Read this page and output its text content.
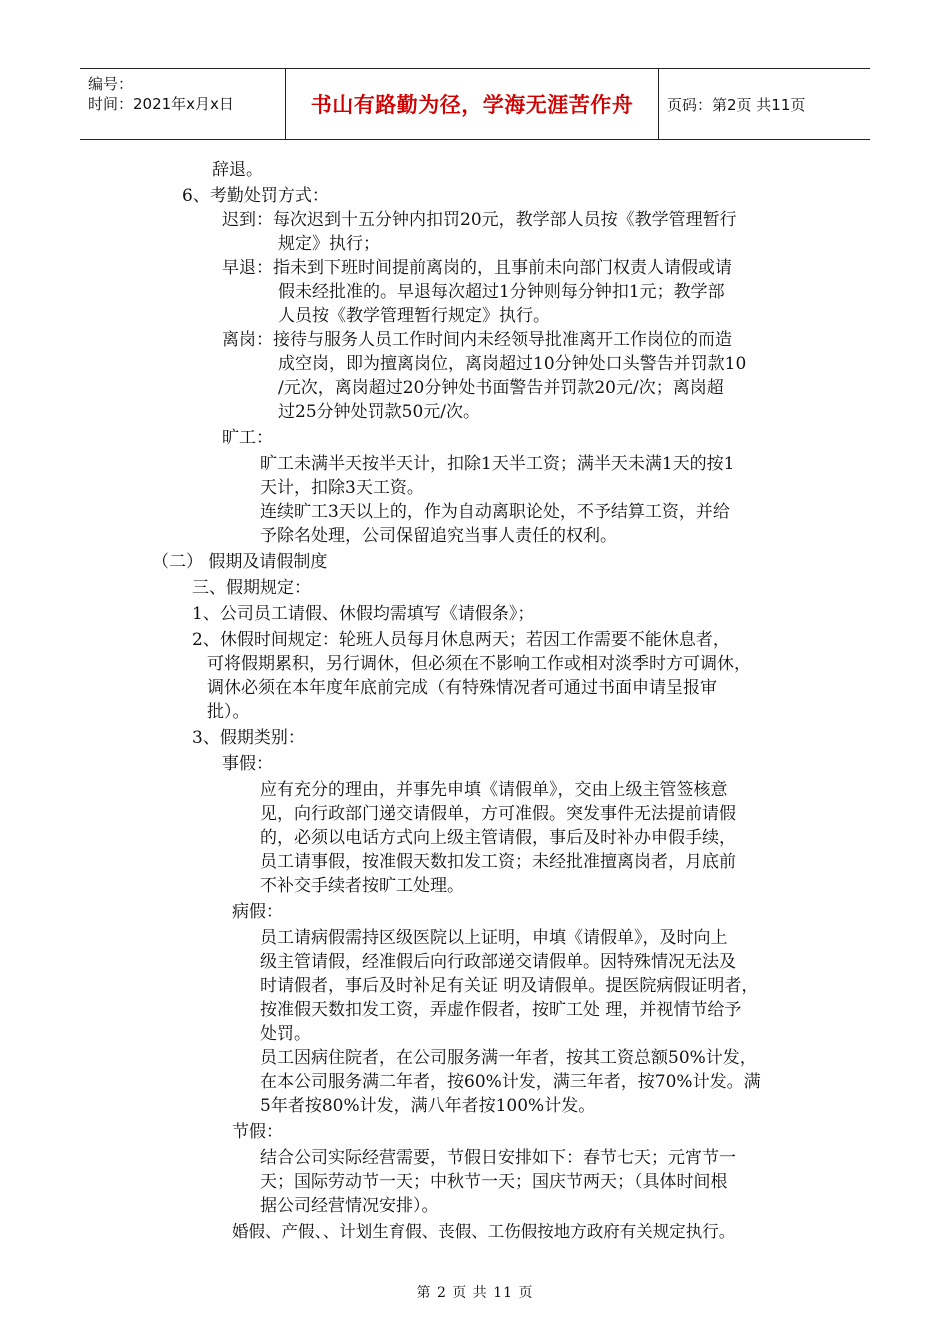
编号：
时间：2021年x月x日	书山有路勤为径，学海无涯苦作舟	页码：第2页 共11页
辞退。
6、考勤处罚方式：
迟到：每次迟到十五分钟内扣罚20元，教学部人员按《教学管理暂行
规定》执行；
早退：指未到下班时间提前离岗的，且事前未向部门权责人请假或请
假未经批准的。早退每次超过1分钟则每分钟扣1元；教学部
人员按《教学管理暂行规定》执行。
离岗：接待与服务人员工作时间内未经领导批准离开工作岗位的而造
成空岗，即为擅离岗位，离岗超过10分钟处口头警告并罚款10
/元次，离岗超过20分钟处书面警告并罚款20元/次；离岗超
过25分钟处罚款50元/次。
旷工：
旷工未满半天按半天计，扣除1天半工资；满半天未满1天的按1
天计，扣除3天工资。
连续旷工3天以上的，作为自动离职论处，不予结算工资，并给
予除名处理，公司保留追究当事人责任的权利。
（二） 假期及请假制度
三、假期规定：
1、公司员工请假、休假均需填写《请假条》；
2、休假时间规定：轮班人员每月休息两天；若因工作需要不能休息者，
可将假期累积，另行调休，但必须在不影响工作或相对淡季时方可调休，
调休必须在本年度年底前完成（有特殊情况者可通过书面申请呈报审
批）。
3、假期类别：
事假：
应有充分的理由，并事先申填《请假单》，交由上级主管签核意
见，向行政部门递交请假单，方可准假。突发事件无法提前请假
的，必须以电话方式向上级主管请假，事后及时补办申假手续，
员工请事假，按准假天数扣发工资；未经批准擅离岗者，月底前
不补交手续者按旷工处理。
病假：
员工请病假需持区级医院以上证明，申填《请假单》，及时向上
级主管请假，经准假后向行政部递交请假单。因特殊情况无法及
时请假者，事后及时补足有关证 明及请假单。提医院病假证明者，
按准假天数扣发工资，弄虚作假者，按旷工处 理，并视情节给予
处罚。
员工因病住院者，在公司服务满一年者，按其工资总额50%计发，
在本公司服务满二年者，按60%计发，满三年者，按70%计发。满
5年者按80%计发，满八年者按100%计发。
节假：
结合公司实际经营需要，节假日安排如下：春节七天；元宵节一
天；国际劳动节一天；中秋节一天；国庆节两天；（具体时间根
据公司经营情况安排）。
婚假、产假、、计划生育假、丧假、工伤假按地方政府有关规定执行。
第 2 页 共 11 页
